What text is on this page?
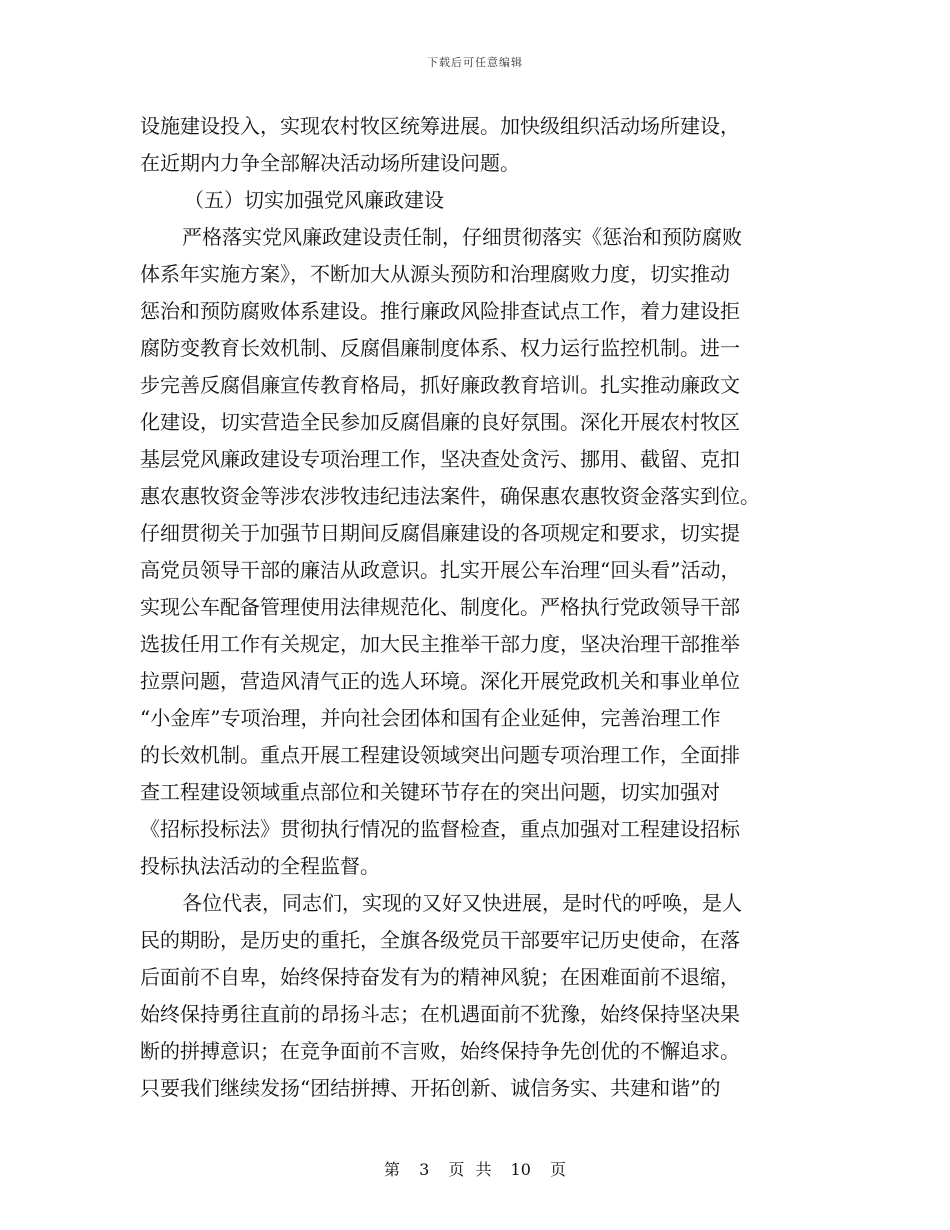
下载后可任意编辑
设施建设投入，实现农村牧区统筹进展。加快级组织活动场所建设，
在近期内力争全部解决活动场所建设问题。
（五）切实加强党风廉政建设
严格落实党风廉政建设责任制，仔细贯彻落实《惩治和预防腐败
体系年实施方案》，不断加大从源头预防和治理腐败力度，切实推动
惩治和预防腐败体系建设。推行廉政风险排查试点工作，着力建设拒
腐防变教育长效机制、反腐倡廉制度体系、权力运行监控机制。进一
步完善反腐倡廉宣传教育格局，抓好廉政教育培训。扎实推动廉政文
化建设，切实营造全民参加反腐倡廉的良好氛围。深化开展农村牧区
基层党风廉政建设专项治理工作，坚决查处贪污、挪用、截留、克扣
惠农惠牧资金等涉农涉牧违纪违法案件，确保惠农惠牧资金落实到位。
仔细贯彻关于加强节日期间反腐倡廉建设的各项规定和要求，切实提
高党员领导干部的廉洁从政意识。扎实开展公车治理“回头看”活动，
实现公车配备管理使用法律规范化、制度化。严格执行党政领导干部
选拔任用工作有关规定，加大民主推举干部力度，坚决治理干部推举
拉票问题，营造风清气正的选人环境。深化开展党政机关和事业单位
“小金库”专项治理，并向社会团体和国有企业延伸，完善治理工作
的长效机制。重点开展工程建设领域突出问题专项治理工作，全面排
查工程建设领域重点部位和关键环节存在的突出问题，切实加强对
《招标投标法》贯彻执行情况的监督检查，重点加强对工程建设招标
投标执法活动的全程监督。
各位代表，同志们，实现的又好又快进展，是时代的呼唤，是人
民的期盼，是历史的重托，全旗各级党员干部要牢记历史使命，在落
后面前不自卑，始终保持奋发有为的精神风貌；在困难面前不退缩，
始终保持勇往直前的昂扬斗志；在机遇面前不犹豫，始终保持坚决果
断的拼搏意识；在竞争面前不言败，始终保持争先创优的不懈追求。
只要我们继续发扬“团结拼搏、开拓创新、诚信务实、共建和谐”的
第 3 页 共 10 页
